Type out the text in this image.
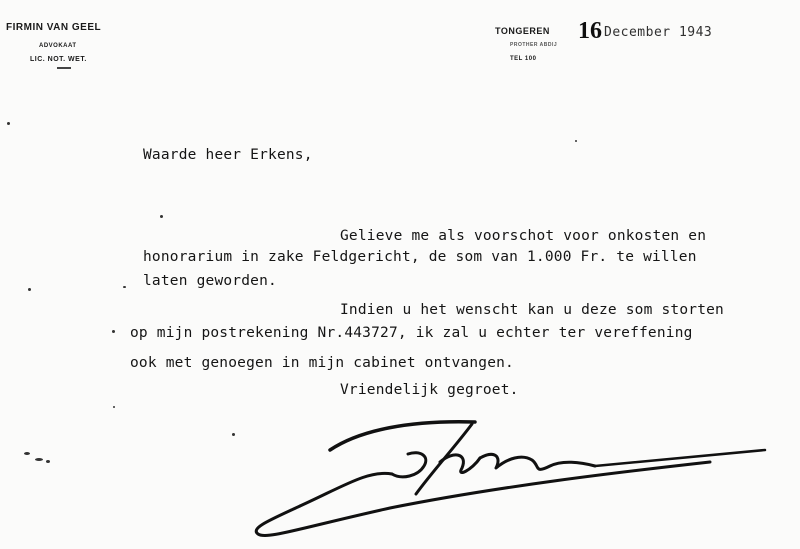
FIRMIN VAN GEEL
ADVOKAAT
LIC. NOT. WET.
TONGEREN
PROTHER ABDIJ
TEL 100
16 December 1943
Waarde heer Erkens,
Gelieve me als voorschot voor onkosten en
honorarium in zake Feldgericht, de som van 1.000 Fr. te willen
laten geworden.
Indien u het wenscht kan u deze som storten
op mijn postrekening Nr.443727, ik zal u echter ter vereffening
ook met genoegen in mijn cabinet ontvangen.
Vriendelijk gegroet.
